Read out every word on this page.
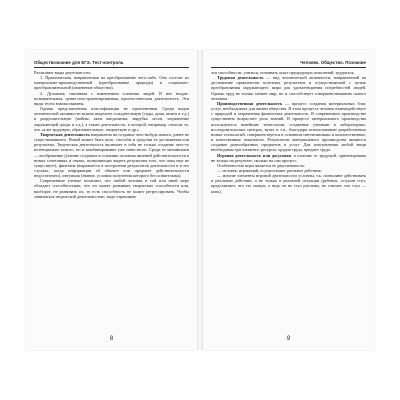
Обществознание для ЕГЭ. Тест-контроль

Различают виды деятельности:

1. Практическая, направленная на преобразование чего-либо. Она состоит из материально-производственной (преобразование природы) и социально-преобразовательной (изменение общества).

2. Духовная, связанная с изменением сознания людей. В нее входят: познавательная, ценностно-ориентированная, прогностическая деятельность. Эти виды тесно взаимосвязаны.

Однако представленная классификация не единственная. Среди видов человеческой активности можно выделить созидательную (сады, дома, книги и т.д.) и разрушительную (войны, акты вандализма, вырубка лесов, загрязнение окружающей среды и т.д.), а также деятельность, к которой, например, относят те, что «я же трудовую, образовательную, творческую и др.»

Творческая деятельность направлена на создание чего-нибудь нового, ранее не существовавшего. Новой может быть цель, способы и средства ее достижения или результаты. Творческая деятельность включает в себя не только создание чего-то потенциально нового, но и комбинирование уже известного. Среди ее механизмов — воображение (умение создавать в сознании человека явлений действительности в новых сочетаниях и связях, позволяющих видеть результаты того, что пока еще не существует), фантазия (выражается в построении результатов деятельности и в тех случаях, когда информации об объекте или предмете действительности недостаточно), интуиция (знание, условия получения которого бессознательны).

Современные ученые полагают, что любой человек в той или иной мере обладает способностями, что он может развивать творческие способности или, наоборот, не развивать их, то есть способность не может регрессировать. Чтобы заниматься творческой деятельностью, надо отрачивать

8
Человек. Общество. Познание

эти способности, учиться, познавать опыт предыдущих поколений, трудиться.

Трудовая деятельность — вид человеческой активности, направленной на достижение практически полезных результатов и осуществляемой с целью преобразования окружающего мира для удовлетворения потребностей людей. Однако труд не только меняет мир, но и способствует совершенствованию самого человека.

Производственная деятельность — процесс создания материальных благ, услуг, необходимых для жизни общества. В этом процессе человек взаимодействует с природой и затраченная физическая деятельность. В современном производстве существенно возрастает роль знаний. В процессе материального производства используются новейшие технологии, созданные учеными в лабораториях, исследовательских центрах, вузах и т.п., благодаря использованию разработанных новых технологий, совершенствуется в основном интенсивными и количественные, и качественные показатели. Результатом материального производства являются создание разнообразных предметов и услуг. Для изготовления любой вещи необходимы три элемента: ресурсы, орудия труда, предмет труда.

Игровая деятельность или досуговая, в отличие от трудовой, ориентирована не только на результат, сколько на сам процесс.

Особенностью игры является ее двуплановость:

— человек, играющий, осуществляет реальное действие;

— многие элементы игровой деятельности условны, т.к. позволяют действовать и реальном действии, а не только в реальной ситуации (ребенок, оседлав стул, представляет, что это скакун, а ведь он не стул реальны, но считает, что стул — конь).

9
